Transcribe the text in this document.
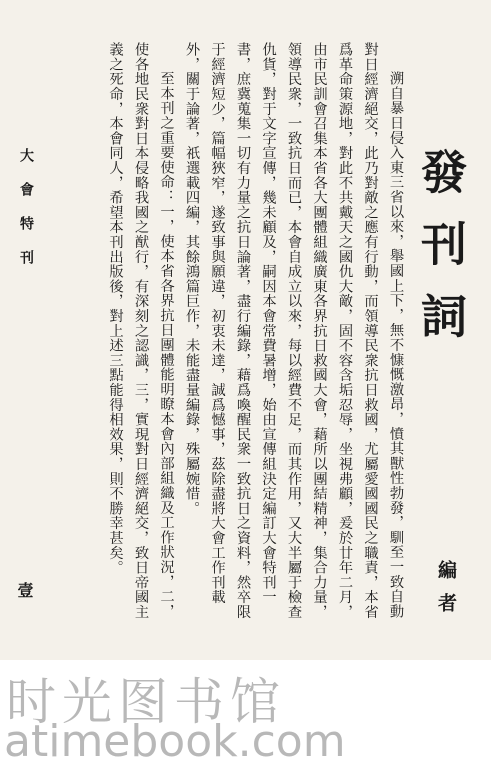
發刊詞
編者

溯自暴日侵入東三省以來，舉國上下，無不慷慨激昂，憤其獸性勃發，馴至一致自動對日經濟絕交，此乃對敵之應有行動，而領導民衆抗日救國，尤屬愛國國民之職責，本省爲革命策源地，對此不共戴天之國仇大敵，固不容含垢忍辱，坐視弗顧，爰於廿年二月，由市民訓會召集本省各大團體組織廣東各界抗日救國大會，藉所以團結精神，集合力量，領導民衆，一致抗日而已，本會自成立以來，每以經費不足，而其作用，又大半屬于檢查仇貨，對于文字宣傳，幾未顧及，嗣因本會常費暑增，始由宣傳組決定編訂大會特刊一書，庶冀蒐集一切有力量之抗日論著，盡行編錄，藉爲喚醒民衆一致抗日之資料，然卒限于經濟短少，篇幅狹窄，遂致事與願違，初衷未達，誠爲憾事，茲除盡將大會工作刊載外，關于論著，祇選載四編，其餘鴻篇巨作，未能盡量編錄，殊屬婉惜。

至本刊之重要使命：一，使本省各界抗日團體能明瞭本會內部組織及工作狀況，二，使各地民衆對日本侵略我國之猷行，有深刻之認識，三，實現對日經濟絕交，致日帝國主義之死命，本會同人，希望本刊出版後，對上述三點能得相效果，則不勝幸甚矣。

大會特刊
壹
时光图书馆
atimebook.com
